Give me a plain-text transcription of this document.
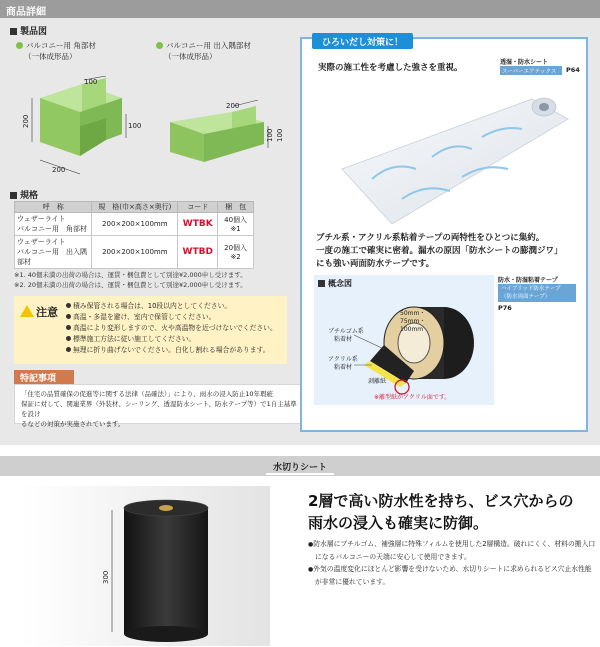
商品詳細
製品図
バルコニー用 角部材
（一体成形品）
バルコニー用 出入隅部材
（一体成形品）
200
200
100
100
200
100 100
規格
呼　称	規　格(巾×高さ×奥行)	コード	梱　包
ウェザーライト
バルコニー用　角部材	200×200×100mm	WTBK	40個入
※1
ウェザーライト
バルコニー用　出入隅部材	200×200×100mm	WTBD	20個入
※2
※1. 40個未満の出荷の場合は、運賃・梱包費として別途¥2,000申し受けます。
※2. 20個未満の出荷の場合は、運賃・梱包費として別途¥2,000申し受けます。
注意	積み保管される場合は、10段以内としてください。
高温・多湿を避け、室内で保管してください。
高温により変形しますので、火や高温物を近づけないでください。
標準施工方法に従い施工してください。
無理に折り曲げないでください。白化し割れる場合があります。
特記事項
「住宅の品質確保の促進等に関する法律（品確法）」により、雨水の浸入防止10年瑕疵
保証に対して、関連業界（外装材、シーリング、透湿防水シート、防水テープ等）で1自主基準を設け
るなどの対策が実施されています。
ひろいだし対策に！
実際の施工性を考慮した強さを重視。
透湿・防水シート
スーパーエアテックス	P64
ブチル系・アクリル系粘着テープの両特性をひとつに集約。
一度の施工で確実に密着。漏水の原因「防水シートの膨潤ジワ」
にも強い両面防水テープです。
概念図
50mm・
75mm・
100mm
ブチルゴム系
粘着材
アクリル系
粘着材
剥離紙
※離型紙がアクリル面です。
防水・防湿粘着テープ
ハイブリッド防水テープ
（防水両面テープ）
P76
水切りシート
300
2層で高い防水性を持ち、ビス穴からの
雨水の浸入も確実に防御。
● 防水層にブチルゴム、補強層に特殊フィルムを使用した2層構造。破れにくく、材料の搬入口になるバルコニーの天端に安心して使用できます。
● 外気の温度変化にほとんど影響を受けないため、水切りシートに求められるビス穴止水性能が非常に優れています。
